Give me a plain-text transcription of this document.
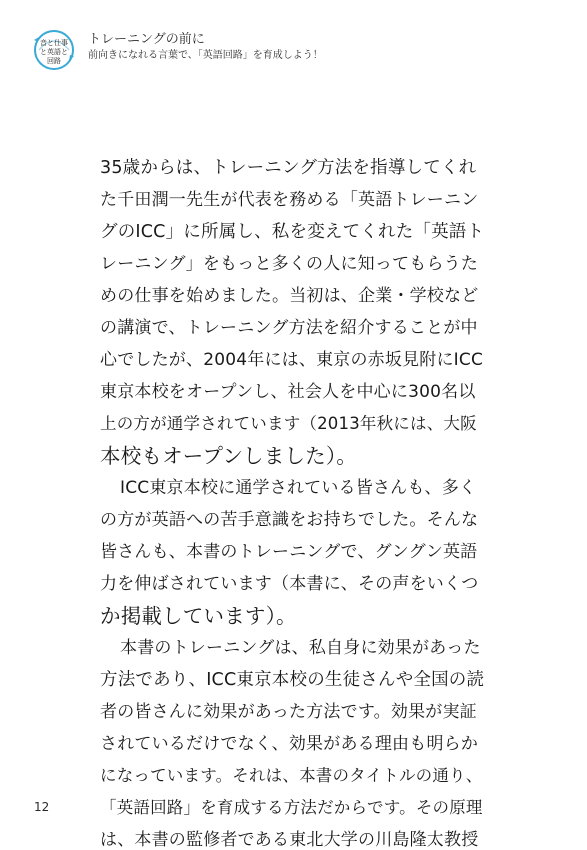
音と仕事
と英語と
回路
トレーニングの前に
前向きになれる言葉で、「英語回路」を育成しよう！
35歳からは、トレーニング方法を指導してくれ
た千田潤一先生が代表を務める「英語トレーニン
グのICC」に所属し、私を変えてくれた「英語ト
レーニング」をもっと多くの人に知ってもらうた
めの仕事を始めました。当初は、企業・学校など
の講演で、トレーニング方法を紹介することが中
心でしたが、2004年には、東京の赤坂見附にICC
東京本校をオープンし、社会人を中心に300名以
上の方が通学されています（2013年秋には、大阪
本校もオープンしました）。
ICC東京本校に通学されている皆さんも、多く
の方が英語への苦手意識をお持ちでした。そんな
皆さんも、本書のトレーニングで、グングン英語
力を伸ばされています（本書に、その声をいくつ
か掲載しています）。
本書のトレーニングは、私自身に効果があった
方法であり、ICC東京本校の生徒さんや全国の読
者の皆さんに効果があった方法です。効果が実証
されているだけでなく、効果がある理由も明らか
になっています。それは、本書のタイトルの通り、
「英語回路」を育成する方法だからです。その原理
は、本書の監修者である東北大学の川島隆太教授
12
